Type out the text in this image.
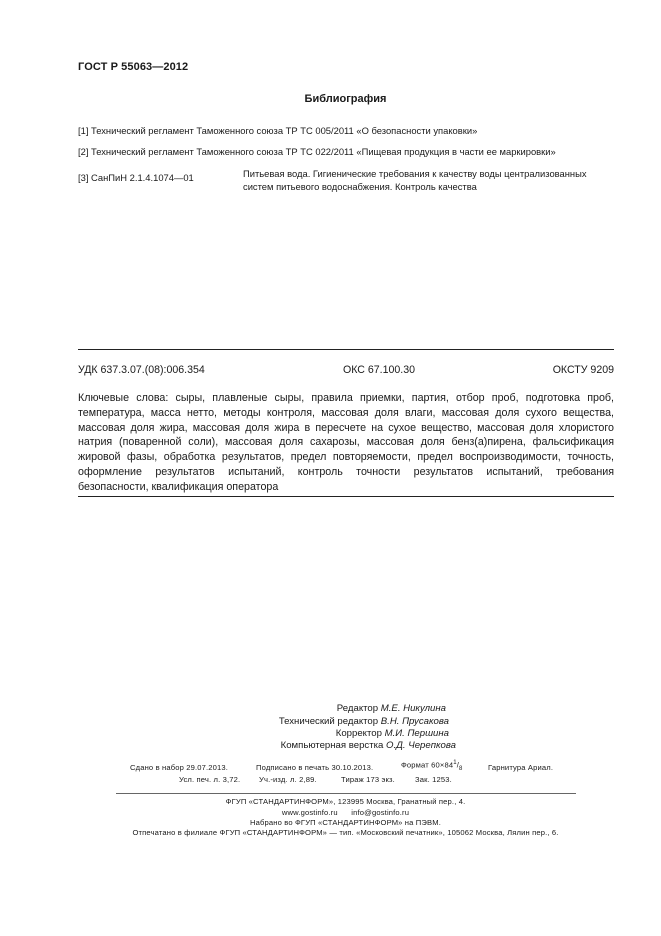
ГОСТ Р 55063—2012
Библиография
[1] Технический регламент Таможенного союза ТР ТС 005/2011 «О безопасности упаковки»
[2] Технический регламент Таможенного союза ТР ТС 022/2011 «Пищевая продукция в части ее маркировки»
[3] СанПиН 2.1.4.1074—01	Питьевая вода. Гигиенические требования к качеству воды централизованных систем питьевого водоснабжения. Контроль качества
УДК 637.3.07.(08):006.354	ОКС 67.100.30	ОКСТУ 9209
Ключевые слова: сыры, плавленые сыры, правила приемки, партия, отбор проб, подготовка проб, температура, масса нетто, методы контроля, массовая доля влаги, массовая доля сухого вещества, массовая доля жира, массовая доля жира в пересчете на сухое вещество, массовая доля хлористого натрия (поваренной соли), массовая доля сахарозы, массовая доля бенз(а)пирена, фальсификация жировой фазы, обработка результатов, предел повторяемости, предел воспроизводимости, точность, оформление результатов испытаний, контроль точности результатов испытаний, требования безопасности, квалификация оператора
Редактор М.Е. Никулина
Технический редактор В.Н. Прусакова
Корректор М.И. Першина
Компьютерная верстка О.Д. Черепкова
Сдано в набор 29.07.2013.	Подписано в печать 30.10.2013.	Формат $60\times 84^1/_8$	Гарнитура Ариал.
Усл. печ. л. 3,72. Уч.-изд. л. 2,89.	Тираж 173 экз.	Зак. 1253.
ФГУП «СТАНДАРТИНФОРМ», 123995 Москва, Гранатный пер., 4.
www.gostinfo.ru      info@gostinfo.ru
Набрано во ФГУП «СТАНДАРТИНФОРМ» на ПЭВМ.
Отпечатано в филиале ФГУП «СТАНДАРТИНФОРМ» — тип. «Московский печатник», 105062 Москва, Лялин пер., 6.
